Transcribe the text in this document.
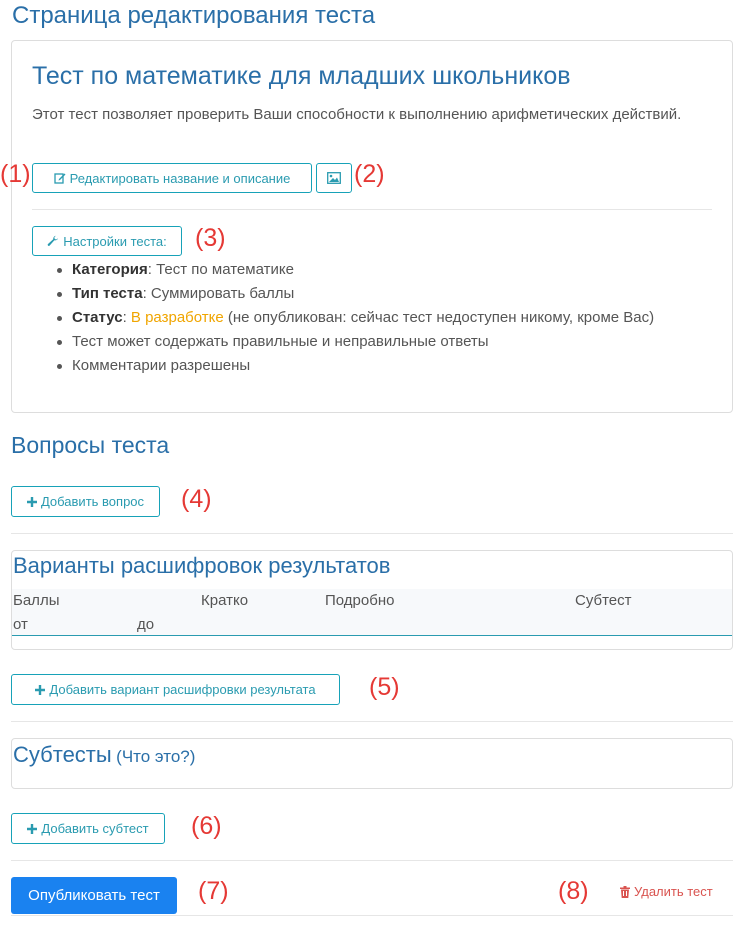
Страница редактирования теста
Тест по математике для младших школьников

Этот тест позволяет проверить Ваши способности к выполнению арифметических действий.

Редактировать название и описание
Настройки теста:
Категория: Тест по математике
Тип теста: Суммировать баллы
Статус: В разработке (не опубликован: сейчас тест недоступен никому, кроме Вас)
Тест может содержать правильные и неправильные ответы
Комментарии разрешены
(1)	(2)
(3)
Вопросы теста
Добавить вопрос (4)
Варианты расшифровок результатов
Баллы	Кратко	Подробно	Субтест
от	до
Добавить вариант расшифровки результата (5)
Субтесты (Что это?)
Добавить субтест (6)
Опубликовать тест	(7)	(8)	Удалить тест
